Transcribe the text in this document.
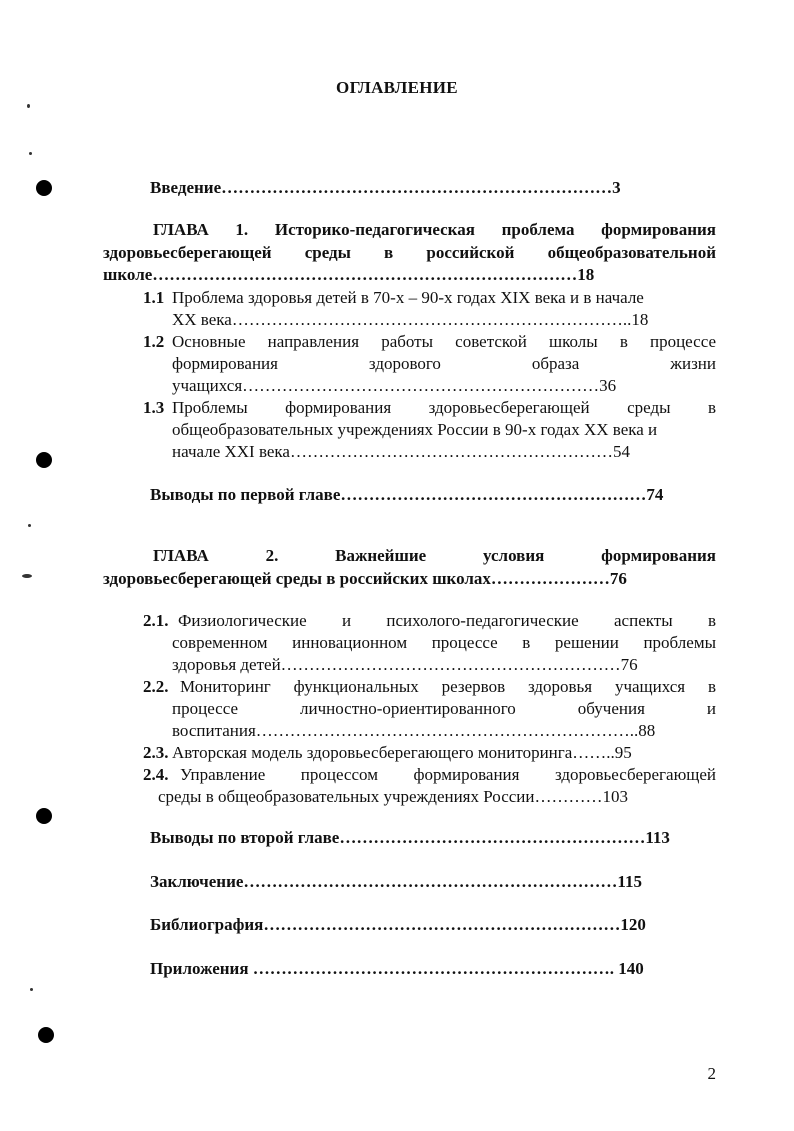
ОГЛАВЛЕНИЕ
Введение……………………………………………………………3
ГЛАВА 1. Историко-педагогическая проблема формирования
здоровьесберегающей среды в российской общеобразовательной
школе…………………………………………………………………18
1.1 Проблема здоровья детей в 70-х – 90-х годах XIX века и в начале
XX века……………………………………………………………..18
1.2 Основные направления работы советской школы в процессе
формирования здорового образа жизни
учащихся………………………………………………………36
1.3 Проблемы формирования здоровьесберегающей среды в
общеобразовательных учреждениях России в 90-х годах XX века и
начале XXI века…………………………………………………54
Выводы по первой главе………………………………………………74
ГЛАВА 2. Важнейшие условия формирования
здоровьесберегающей среды в российских школах…………………76
2.1. Физиологические и психолого-педагогические аспекты в
современном инновационном процессе в решении проблемы
здоровья детей……………………………………………………76
2.2. Мониторинг функциональных резервов здоровья учащихся в
процессе личностно-ориентированного обучения и
воспитания…………………………………………………………..88
2.3. Авторская модель здоровьесберегающего мониторинга……..95
2.4. Управление процессом формирования здоровьесберегающей
среды в общеобразовательных учреждениях России…………103
Выводы по второй главе………………………………………………113
Заключение…………………………………………………………115
Библиография………………………………………………………120
Приложения ………………………………………………………. 140
2
